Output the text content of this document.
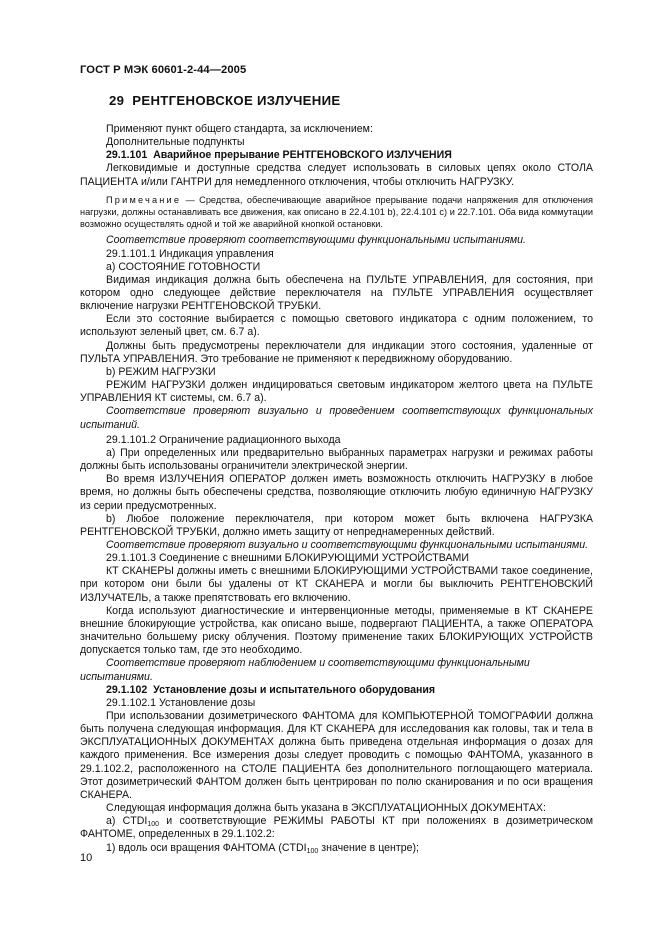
ГОСТ Р МЭК 60601-2-44—2005
29 РЕНТГЕНОВСКОЕ ИЗЛУЧЕНИЕ

Применяют пункт общего стандарта, за исключением:

Дополнительные подпункты

29.1.101 Аварийное прерывание РЕНТГЕНОВСКОГО ИЗЛУЧЕНИЯ

Легковидимые и доступные средства следует использовать в силовых цепях около СТОЛА ПАЦИЕНТА и/или ГАНТРИ для немедленного отключения, чтобы отключить НАГРУЗКУ.

Примечание — Средства, обеспечивающие аварийное прерывание подачи напряжения для отключения нагрузки, должны останавливать все движения, как описано в 22.4.101 b), 22.4.101 с) и 22.7.101. Оба вида коммутации возможно осуществлять одной и той же аварийной кнопкой остановки.

Соответствие проверяют соответствующими функциональными испытаниями.

29.1.101.1 Индикация управления

а) СОСТОЯНИЕ ГОТОВНОСТИ

Видимая индикация должна быть обеспечена на ПУЛЬТЕ УПРАВЛЕНИЯ, для состояния, при котором одно следующее действие переключателя на ПУЛЬТЕ УПРАВЛЕНИЯ осуществляет включение нагрузки РЕНТГЕНОВСКОЙ ТРУБКИ.

Если это состояние выбирается с помощью светового индикатора с одним положением, то используют зеленый цвет, см. 6.7 а).

Должны быть предусмотрены переключатели для индикации этого состояния, удаленные от ПУЛЬТА УПРАВЛЕНИЯ. Это требование не применяют к передвижному оборудованию.

b) РЕЖИМ НАГРУЗКИ

РЕЖИМ НАГРУЗКИ должен индицироваться световым индикатором желтого цвета на ПУЛЬТЕ УПРАВЛЕНИЯ КТ системы, см. 6.7 а).

Соответствие проверяют визуально и проведением соответствующих функциональных испытаний.

29.1.101.2 Ограничение радиационного выхода

а) При определенных или предварительно выбранных параметрах нагрузки и режимах работы должны быть использованы ограничители электрической энергии.

Во время ИЗЛУЧЕНИЯ ОПЕРАТОР должен иметь возможность отключить НАГРУЗКУ в любое время, но должны быть обеспечены средства, позволяющие отключить любую единичную НАГРУЗКУ из серии предусмотренных.

b) Любое положение переключателя, при котором может быть включена НАГРУЗКА РЕНТГЕНОВСКОЙ ТРУБКИ, должно иметь защиту от непреднамеренных действий.

Соответствие проверяют визуально и соответствующими функциональными испытаниями.

29.1.101.3 Соединение с внешними БЛОКИРУЮЩИМИ УСТРОЙСТВАМИ

КТ СКАНЕРЫ должны иметь с внешними БЛОКИРУЮЩИМИ УСТРОЙСТВАМИ такое соединение, при котором они были бы удалены от КТ СКАНЕРА и могли бы выключить РЕНТГЕНОВСКИЙ ИЗЛУЧАТЕЛЬ, а также препятствовать его включению.

Когда используют диагностические и интервенционные методы, применяемые в КТ СКАНЕРЕ внешние блокирующие устройства, как описано выше, подвергают ПАЦИЕНТА, а также ОПЕРАТОРА значительно большему риску облучения. Поэтому применение таких БЛОКИРУЮЩИХ УСТРОЙСТВ допускается только там, где это необходимо.

Соответствие проверяют наблюдением и соответствующими функциональными испытаниями.

29.1.102 Установление дозы и испытательного оборудования

29.1.102.1 Установление дозы

При использовании дозиметрического ФАНТОМА для КОМПЬЮТЕРНОЙ ТОМОГРАФИИ должна быть получена следующая информация. Для КТ СКАНЕРА для исследования как головы, так и тела в ЭКСПЛУАТАЦИОННЫХ ДОКУМЕНТАХ должна быть приведена отдельная информация о дозах для каждого применения. Все измерения дозы следует проводить с помощью ФАНТОМА, указанного в 29.1.102.2, расположенного на СТОЛЕ ПАЦИЕНТА без дополнительного поглощающего материала. Этот дозиметрический ФАНТОМ должен быть центрирован по полю сканирования и по оси вращения СКАНЕРА.

Следующая информация должна быть указана в ЭКСПЛУАТАЦИОННЫХ ДОКУМЕНТАХ:

а) $CTDI_{100}$ и соответствующие РЕЖИМЫ РАБОТЫ КТ при положениях в дозиметрическом ФАНТОМЕ, определенных в 29.1.102.2:

1) вдоль оси вращения ФАНТОМА ($CTDI_{100}$ значение в центре);

10
